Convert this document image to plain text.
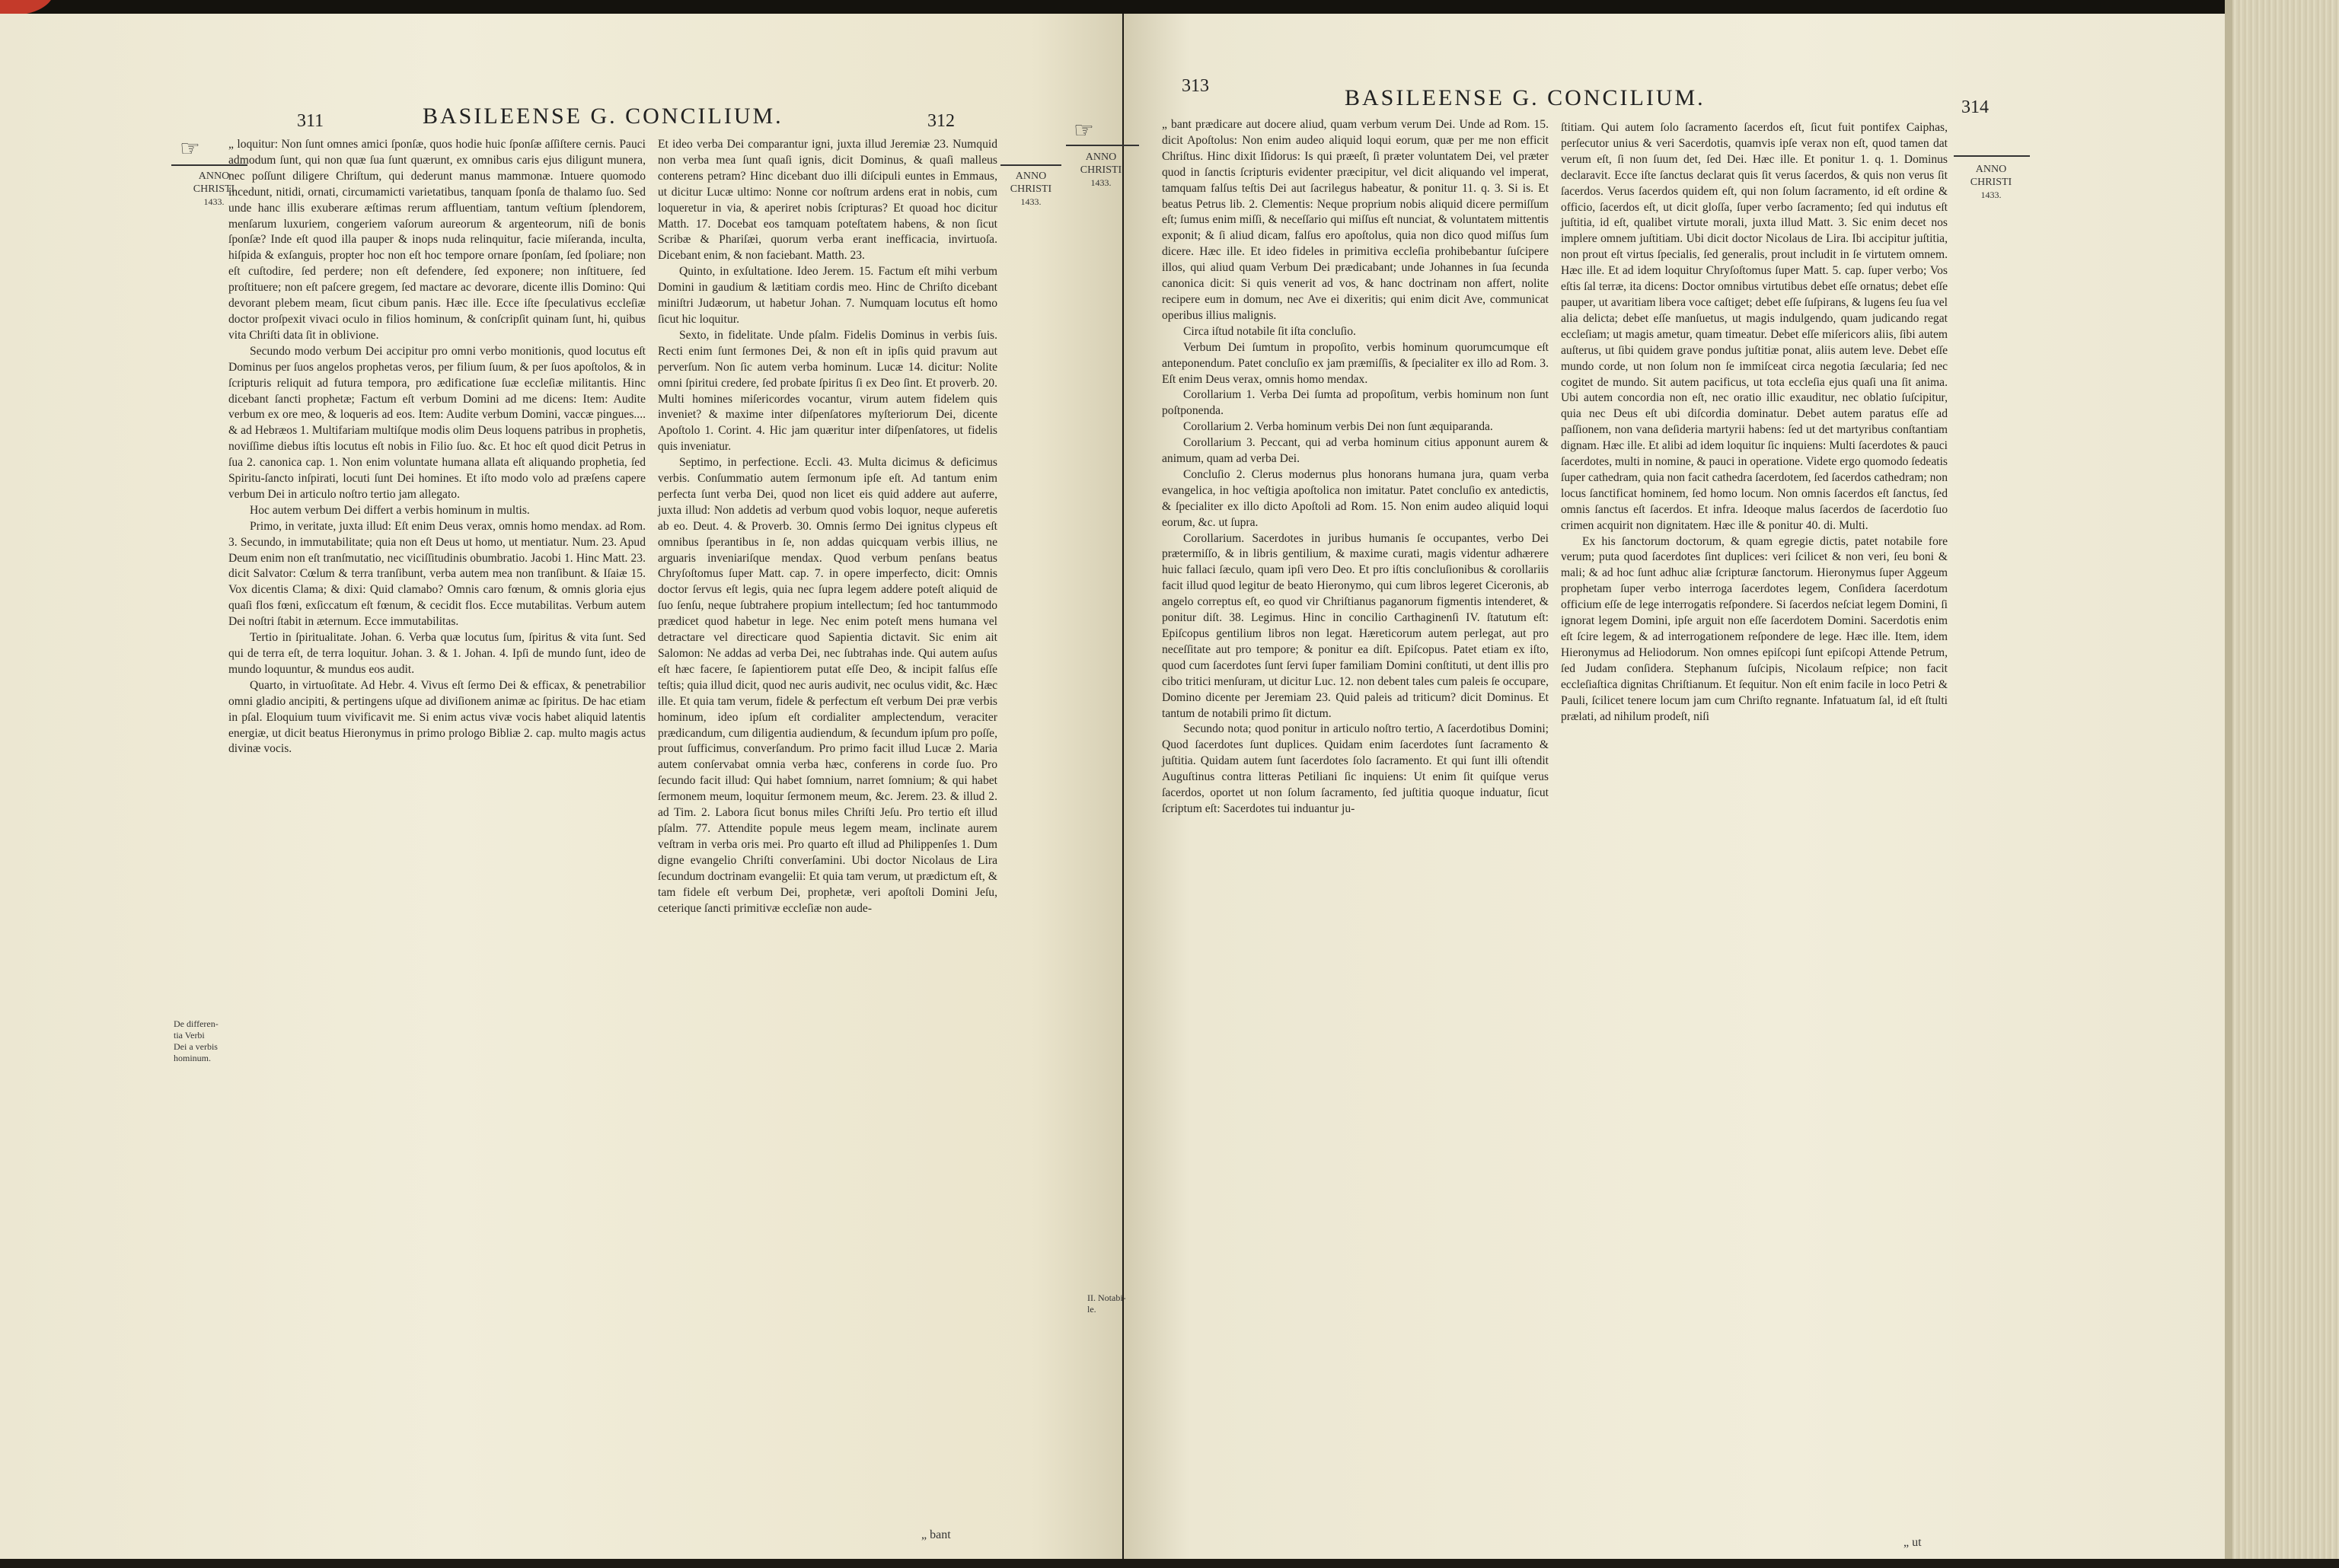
311	BASILEENSE G. CONCILIUM.	312
☞
ANNO
CHRISTI
1433.
ANNO
CHRISTI
1433.
De differen-
tia Verbi
Dei a verbis
hominum.

„ loquitur: Non ſunt omnes amici ſponſæ, quos hodie huic ſponſæ aſſiſtere cernis. Pauci admodum ſunt, qui non quæ ſua ſunt quærunt, ex omnibus caris ejus diligunt munera, nec poſſunt diligere Chriſtum, qui dederunt manus mammonæ. Intuere quomodo incedunt, nitidi, ornati, circumamicti varietatibus, tanquam ſponſa de thalamo ſuo. Sed unde hanc illis exuberare æſtimas rerum affluentiam, tantum veſtium ſplendorem, menſarum luxuriem, congeriem vaſorum aureorum & argenteorum, niſi de bonis ſponſæ? Inde eſt quod illa pauper & inops nuda relinquitur, facie miſeranda, inculta, hiſpida & exſanguis, propter hoc non eſt hoc tempore ornare ſponſam, ſed ſpoliare; non eſt cuſtodire, ſed perdere; non eſt defendere, ſed exponere; non inſtituere, ſed proſtituere; non eſt paſcere gregem, ſed mactare ac devorare, dicente illis Domino: Qui devorant plebem meam, ſicut cibum panis. Hæc ille. Ecce iſte ſpeculativus eccleſiæ doctor proſpexit vivaci oculo in filios hominum, & conſcripſit quinam ſunt, hi, quibus vita Chriſti data ſit in oblivione.

Secundo modo verbum Dei accipitur pro omni verbo monitionis, quod locutus eſt Dominus per ſuos angelos prophetas veros, per filium ſuum, & per ſuos apoſtolos, & in ſcripturis reliquit ad futura tempora, pro ædificatione ſuæ eccleſiæ militantis. Hinc dicebant ſancti prophetæ; Factum eſt verbum Domini ad me dicens: Item: Audite verbum ex ore meo, & loqueris ad eos. Item: Audite verbum Domini, vaccæ pingues.... & ad Hebræos 1. Multifariam multiſque modis olim Deus loquens patribus in prophetis, noviſſime diebus iſtis locutus eſt nobis in Filio ſuo. &c. Et hoc eſt quod dicit Petrus in ſua 2. canonica cap. 1. Non enim voluntate humana allata eſt aliquando prophetia, ſed Spiritu-ſancto inſpirati, locuti ſunt Dei homines. Et iſto modo volo ad præſens capere verbum Dei in articulo noſtro tertio jam allegato.

Hoc autem verbum Dei differt a verbis hominum in multis.

Primo, in veritate, juxta illud: Eſt enim Deus verax, omnis homo mendax. ad Rom. 3. Secundo, in immutabilitate; quia non eſt Deus ut homo, ut mentiatur. Num. 23. Apud Deum enim non eſt tranſmutatio, nec viciſſitudinis obumbratio. Jacobi 1. Hinc Matt. 23. dicit Salvator: Cœlum & terra tranſibunt, verba autem mea non tranſibunt. & Iſaiæ 15. Vox dicentis Clama; & dixi: Quid clamabo? Omnis caro fœnum, & omnis gloria ejus quaſi flos fœni, exſiccatum eſt fœnum, & cecidit flos. Ecce mutabilitas. Verbum autem Dei noſtri ſtabit in æternum. Ecce immutabilitas.

Tertio in ſpiritualitate. Johan. 6. Verba quæ locutus ſum, ſpiritus & vita ſunt. Sed qui de terra eſt, de terra loquitur. Johan. 3. & 1. Johan. 4. Ipſi de mundo ſunt, ideo de mundo loquuntur, & mundus eos audit.

Quarto, in virtuoſitate. Ad Hebr. 4. Vivus eſt ſermo Dei & efficax, & penetrabilior omni gladio ancipiti, & pertingens uſque ad diviſionem animæ ac ſpiritus. De hac etiam in pſal. Eloquium tuum vivificavit me. Si enim actus vivæ vocis habet aliquid latentis energiæ, ut dicit beatus Hieronymus in primo prologo Bibliæ 2. cap. multo magis actus divinæ vocis.

Et ideo verba Dei comparantur igni, juxta illud Jeremiæ 23. Numquid non verba mea ſunt quaſi ignis, dicit Dominus, & quaſi malleus conterens petram? Hinc dicebant duo illi diſcipuli euntes in Emmaus, ut dicitur Lucæ ultimo: Nonne cor noſtrum ardens erat in nobis, cum loqueretur in via, & aperiret nobis ſcripturas? Et quoad hoc dicitur Matth. 17. Docebat eos tamquam poteſtatem habens, & non ſicut Scribæ & Phariſæi, quorum verba erant inefficacia, invirtuoſa. Dicebant enim, & non faciebant. Matth. 23.

Quinto, in exſultatione. Ideo Jerem. 15. Factum eſt mihi verbum Domini in gaudium & lætitiam cordis meo. Hinc de Chriſto dicebant miniſtri Judæorum, ut habetur Johan. 7. Numquam locutus eſt homo ſicut hic loquitur.

Sexto, in fidelitate. Unde pſalm. Fidelis Dominus in verbis ſuis. Recti enim ſunt ſermones Dei, & non eſt in ipſis quid pravum aut perverſum. Non ſic autem verba hominum. Lucæ 14. dicitur: Nolite omni ſpiritui credere, ſed probate ſpiritus ſi ex Deo ſint. Et proverb. 20. Multi homines miſericordes vocantur, virum autem fidelem quis inveniet? & maxime inter diſpenſatores myſteriorum Dei, dicente Apoſtolo 1. Corint. 4. Hic jam quæritur inter diſpenſatores, ut fidelis quis inveniatur.

Septimo, in perfectione. Eccli. 43. Multa dicimus & deficimus verbis. Conſummatio autem ſermonum ipſe eſt. Ad tantum enim perfecta ſunt verba Dei, quod non licet eis quid addere aut auferre, juxta illud: Non addetis ad verbum quod vobis loquor, neque auferetis ab eo. Deut. 4. & Proverb. 30. Omnis ſermo Dei ignitus clypeus eſt omnibus ſperantibus in ſe, non addas quicquam verbis illius, ne arguaris inveniariſque mendax. Quod verbum penſans beatus Chryſoſtomus ſuper Matt. cap. 7. in opere imperfecto, dicit: Omnis doctor ſervus eſt legis, quia nec ſupra legem addere poteſt aliquid de ſuo ſenſu, neque ſubtrahere propium intellectum; ſed hoc tantummodo prædicet quod habetur in lege. Nec enim poteſt mens humana vel detractare vel directicare quod Sapientia dictavit. Sic enim ait Salomon: Ne addas ad verba Dei, nec ſubtrahas inde. Qui autem auſus eſt hæc facere, ſe ſapientiorem putat eſſe Deo, & incipit falſus eſſe teſtis; quia illud dicit, quod nec auris audivit, nec oculus vidit, &c. Hæc ille. Et quia tam verum, fidele & perfectum eſt verbum Dei præ verbis hominum, ideo ipſum eſt cordialiter amplectendum, veraciter prædicandum, cum diligentia audiendum, & ſecundum ipſum pro poſſe, prout ſufficimus, converſandum. Pro primo facit illud Lucæ 2. Maria autem conſervabat omnia verba hæc, conferens in corde ſuo. Pro ſecundo facit illud: Qui habet ſomnium, narret ſomnium; & qui habet ſermonem meum, loquitur ſermonem meum, &c. Jerem. 23. & illud 2. ad Tim. 2. Labora ſicut bonus miles Chriſti Jeſu. Pro tertio eſt illud pſalm. 77. Attendite popule meus legem meam, inclinate aurem veſtram in verba oris mei. Pro quarto eſt illud ad Philippenſes 1. Dum digne evangelio Chriſti converſamini. Ubi doctor Nicolaus de Lira ſecundum doctrinam evangelii: Et quia tam verum, ut prædictum eſt, & tam fidele eſt verbum Dei, prophetæ, veri apoſtoli Domini Jeſu, ceterique ſancti primitivæ eccleſiæ non aude-

„ bant
313	BASILEENSE G. CONCILIUM.	314
☞
ANNO
CHRISTI
1433.
ANNO
CHRISTI
1433.
II. Notabi-
le.

„ bant prædicare aut docere aliud, quam verbum verum Dei. Unde ad Rom. 15. dicit Apoſtolus: Non enim audeo aliquid loqui eorum, quæ per me non efficit Chriſtus. Hinc dixit Iſidorus: Is qui præeſt, ſi præter voluntatem Dei, vel præter quod in ſanctis ſcripturis evidenter præcipitur, vel dicit aliquando vel imperat, tamquam falſus teſtis Dei aut ſacrilegus habeatur, & ponitur 11. q. 3. Si is. Et beatus Petrus lib. 2. Clementis: Neque proprium nobis aliquid dicere permiſſum eſt; ſumus enim miſſi, & neceſſario qui miſſus eſt nunciat, & voluntatem mittentis exponit; & ſi aliud dicam, falſus ero apoſtolus, quia non dico quod miſſus ſum dicere. Hæc ille. Et ideo fideles in primitiva eccleſia prohibebantur ſuſcipere illos, qui aliud quam Verbum Dei prædicabant; unde Johannes in ſua ſecunda canonica dicit: Si quis venerit ad vos, & hanc doctrinam non affert, nolite recipere eum in domum, nec Ave ei dixeritis; qui enim dicit Ave, communicat operibus illius malignis.

Circa iſtud notabile ſit iſta concluſio.

Verbum Dei ſumtum in propoſito, verbis hominum quorumcumque eſt anteponendum. Patet concluſio ex jam præmiſſis, & ſpecialiter ex illo ad Rom. 3. Eſt enim Deus verax, omnis homo mendax.

Corollarium 1. Verba Dei ſumta ad propoſitum, verbis hominum non ſunt poſtponenda.

Corollarium 2. Verba hominum verbis Dei non ſunt æquiparanda.

Corollarium 3. Peccant, qui ad verba hominum citius apponunt aurem & animum, quam ad verba Dei.

Concluſio 2. Clerus modernus plus honorans humana jura, quam verba evangelica, in hoc veſtigia apoſtolica non imitatur. Patet concluſio ex antedictis, & ſpecialiter ex illo dicto Apoſtoli ad Rom. 15. Non enim audeo aliquid loqui eorum, &c. ut ſupra.

Corollarium. Sacerdotes in juribus humanis ſe occupantes, verbo Dei prætermiſſo, & in libris gentilium, & maxime curati, magis videntur adhærere huic fallaci ſæculo, quam ipſi vero Deo. Et pro iſtis concluſionibus & corollariis facit illud quod legitur de beato Hieronymo, qui cum libros legeret Ciceronis, ab angelo correptus eſt, eo quod vir Chriſtianus paganorum figmentis intenderet, & ponitur diſt. 38. Legimus. Hinc in concilio Carthaginenſi IV. ſtatutum eſt: Epiſcopus gentilium libros non legat. Hæreticorum autem perlegat, aut pro neceſſitate aut pro tempore; & ponitur ea diſt. Epiſcopus. Patet etiam ex iſto, quod cum ſacerdotes ſunt ſervi ſuper familiam Domini conſtituti, ut dent illis pro cibo tritici menſuram, ut dicitur Luc. 12. non debent tales cum paleis ſe occupare, Domino dicente per Jeremiam 23. Quid paleis ad triticum? dicit Dominus. Et tantum de notabili primo ſit dictum.

Secundo nota; quod ponitur in articulo noſtro tertio, A ſacerdotibus Domini; Quod ſacerdotes ſunt duplices. Quidam enim ſacerdotes ſunt ſacramento & juſtitia. Quidam autem ſunt ſacerdotes ſolo ſacramento. Et qui ſunt illi oſtendit Auguſtinus contra litteras Petiliani ſic inquiens: Ut enim ſit quiſque verus ſacerdos, oportet ut non ſolum ſacramento, ſed juſtitia quoque induatur, ſicut ſcriptum eſt: Sacerdotes tui induantur ju-

ſtitiam. Qui autem ſolo ſacramento ſacerdos eſt, ſicut fuit pontifex Caiphas, perſecutor unius & veri Sacerdotis, quamvis ipſe verax non eſt, quod tamen dat verum eſt, ſi non ſuum det, ſed Dei. Hæc ille. Et ponitur 1. q. 1. Dominus declaravit. Ecce iſte ſanctus declarat quis ſit verus ſacerdos, & quis non verus ſit ſacerdos. Verus ſacerdos quidem eſt, qui non ſolum ſacramento, id eſt ordine & officio, ſacerdos eſt, ut dicit gloſſa, ſuper verbo ſacramento; ſed qui indutus eſt juſtitia, id eſt, qualibet virtute morali, juxta illud Matt. 3. Sic enim decet nos implere omnem juſtitiam. Ubi dicit doctor Nicolaus de Lira. Ibi accipitur juſtitia, non prout eſt virtus ſpecialis, ſed generalis, prout includit in ſe virtutem omnem. Hæc ille. Et ad idem loquitur Chryſoſtomus ſuper Matt. 5. cap. ſuper verbo; Vos eſtis ſal terræ, ita dicens: Doctor omnibus virtutibus debet eſſe ornatus; debet eſſe pauper, ut avaritiam libera voce caſtiget; debet eſſe ſuſpirans, & lugens ſeu ſua vel alia delicta; debet eſſe manſuetus, ut magis indulgendo, quam judicando regat eccleſiam; ut magis ametur, quam timeatur. Debet eſſe miſericors aliis, ſibi autem auſterus, ut ſibi quidem grave pondus juſtitiæ ponat, aliis autem leve. Debet eſſe mundo corde, ut non ſolum non ſe immiſceat circa negotia ſæcularia; ſed nec cogitet de mundo. Sit autem pacificus, ut tota eccleſia ejus quaſi una ſit anima. Ubi autem concordia non eſt, nec oratio illic exauditur, nec oblatio ſuſcipitur, quia nec Deus eſt ubi diſcordia dominatur. Debet autem paratus eſſe ad paſſionem, non vana deſideria martyrii habens: ſed ut det martyribus conſtantiam dignam. Hæc ille. Et alibi ad idem loquitur ſic inquiens: Multi ſacerdotes & pauci ſacerdotes, multi in nomine, & pauci in operatione. Videte ergo quomodo ſedeatis ſuper cathedram, quia non facit cathedra ſacerdotem, ſed ſacerdos cathedram; non locus ſanctificat hominem, ſed homo locum. Non omnis ſacerdos eſt ſanctus, ſed omnis ſanctus eſt ſacerdos. Et infra. Ideoque malus ſacerdos de ſacerdotio ſuo crimen acquirit non dignitatem. Hæc ille & ponitur 40. di. Multi.

Ex his ſanctorum doctorum, & quam egregie dictis, patet notabile fore verum; puta quod ſacerdotes ſint duplices: veri ſcilicet & non veri, ſeu boni & mali; & ad hoc ſunt adhuc aliæ ſcripturæ ſanctorum. Hieronymus ſuper Aggeum prophetam ſuper verbo interroga ſacerdotes legem, Conſidera ſacerdotum officium eſſe de lege interrogatis reſpondere. Si ſacerdos neſciat legem Domini, ſi ignorat legem Domini, ipſe arguit non eſſe ſacerdotem Domini. Sacerdotis enim eſt ſcire legem, & ad interrogationem reſpondere de lege. Hæc ille. Item, idem Hieronymus ad Heliodorum. Non omnes epiſcopi ſunt epiſcopi Attende Petrum, ſed Judam conſidera. Stephanum ſuſcipis, Nicolaum reſpice; non facit eccleſiaſtica dignitas Chriſtianum. Et ſequitur. Non eſt enim facile in loco Petri & Pauli, ſcilicet tenere locum jam cum Chriſto regnante. Infatuatum ſal, id eſt ſtulti prælati, ad nihilum prodeſt, niſi

„ ut
